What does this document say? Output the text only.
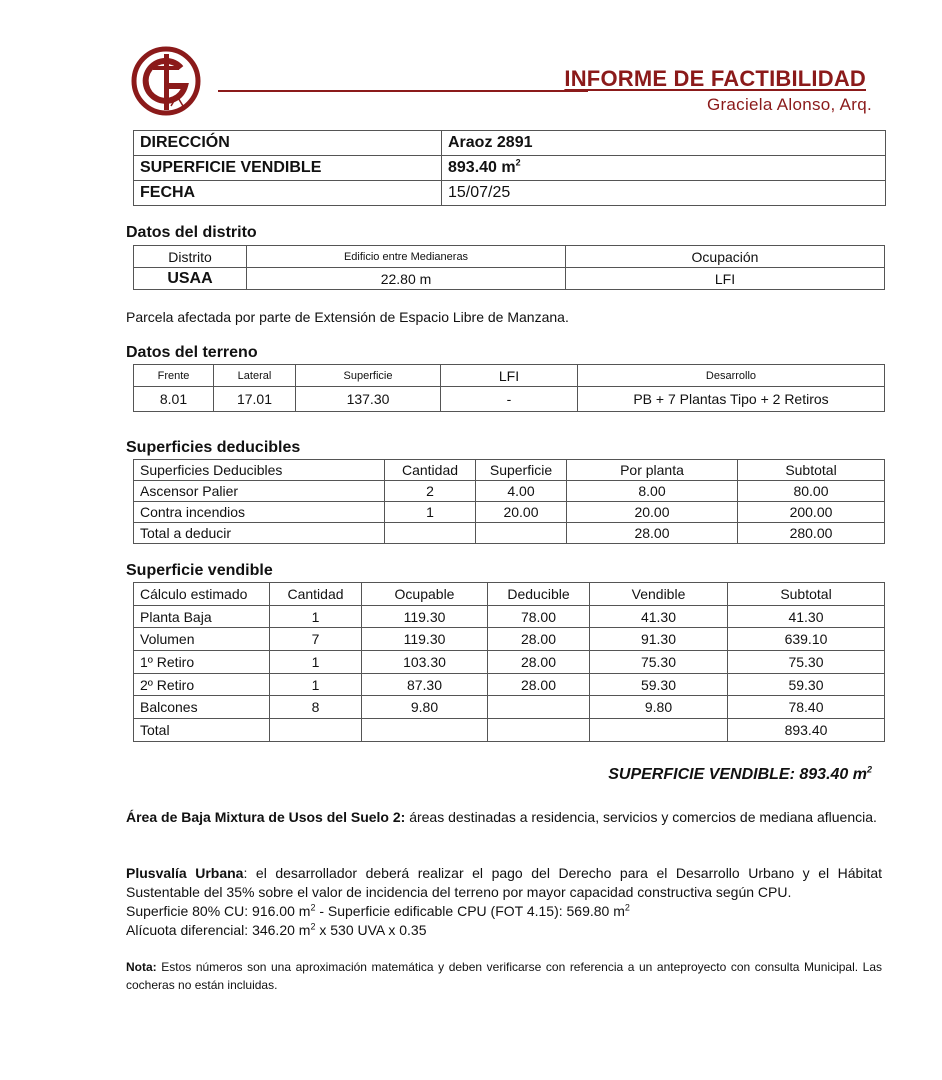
INFORME DE FACTIBILIDAD
Graciela Alonso, Arq.
DIRECCIÓN	Araoz 2891
SUPERFICIE VENDIBLE	893.40 $m^2$
FECHA	15/07/25
Datos del distrito
Distrito	Edificio entre Medianeras	Ocupación
USAA	22.80 m	LFI
Parcela afectada por parte de Extensión de Espacio Libre de Manzana.
Datos del terreno
Frente	Lateral	Superficie	LFI	Desarrollo
8.01	17.01	137.30	-	PB + 7 Plantas Tipo + 2 Retiros
Superficies deducibles
Superficies Deducibles	Cantidad	Superficie	Por planta	Subtotal
Ascensor Palier	2	4.00	8.00	80.00
Contra incendios	1	20.00	20.00	200.00
Total a deducir			28.00	280.00
Superficie vendible
Cálculo estimado	Cantidad	Ocupable	Deducible	Vendible	Subtotal
Planta Baja	1	119.30	78.00	41.30	41.30
Volumen	7	119.30	28.00	91.30	639.10
1º Retiro	1	103.30	28.00	75.30	75.30
2º Retiro	1	87.30	28.00	59.30	59.30
Balcones	8	9.80		9.80	78.40
Total					893.40
SUPERFICIE VENDIBLE: 893.40 $m^2$
Área de Baja Mixtura de Usos del Suelo 2: áreas destinadas a residencia, servicios y comercios de mediana afluencia.
Plusvalía Urbana: el desarrollador deberá realizar el pago del Derecho para el Desarrollo Urbano y el Hábitat Sustentable del 35% sobre el valor de incidencia del terreno por mayor capacidad constructiva según CPU.
Superficie 80% CU: 916.00 $m^2$ - Superficie edificable CPU (FOT 4.15): 569.80 $m^2$
Alícuota diferencial: 346.20 $m^2$ x 530 UVA x 0.35
Nota: Estos números son una aproximación matemática y deben verificarse con referencia a un anteproyecto con consulta Municipal. Las cocheras no están incluidas.
